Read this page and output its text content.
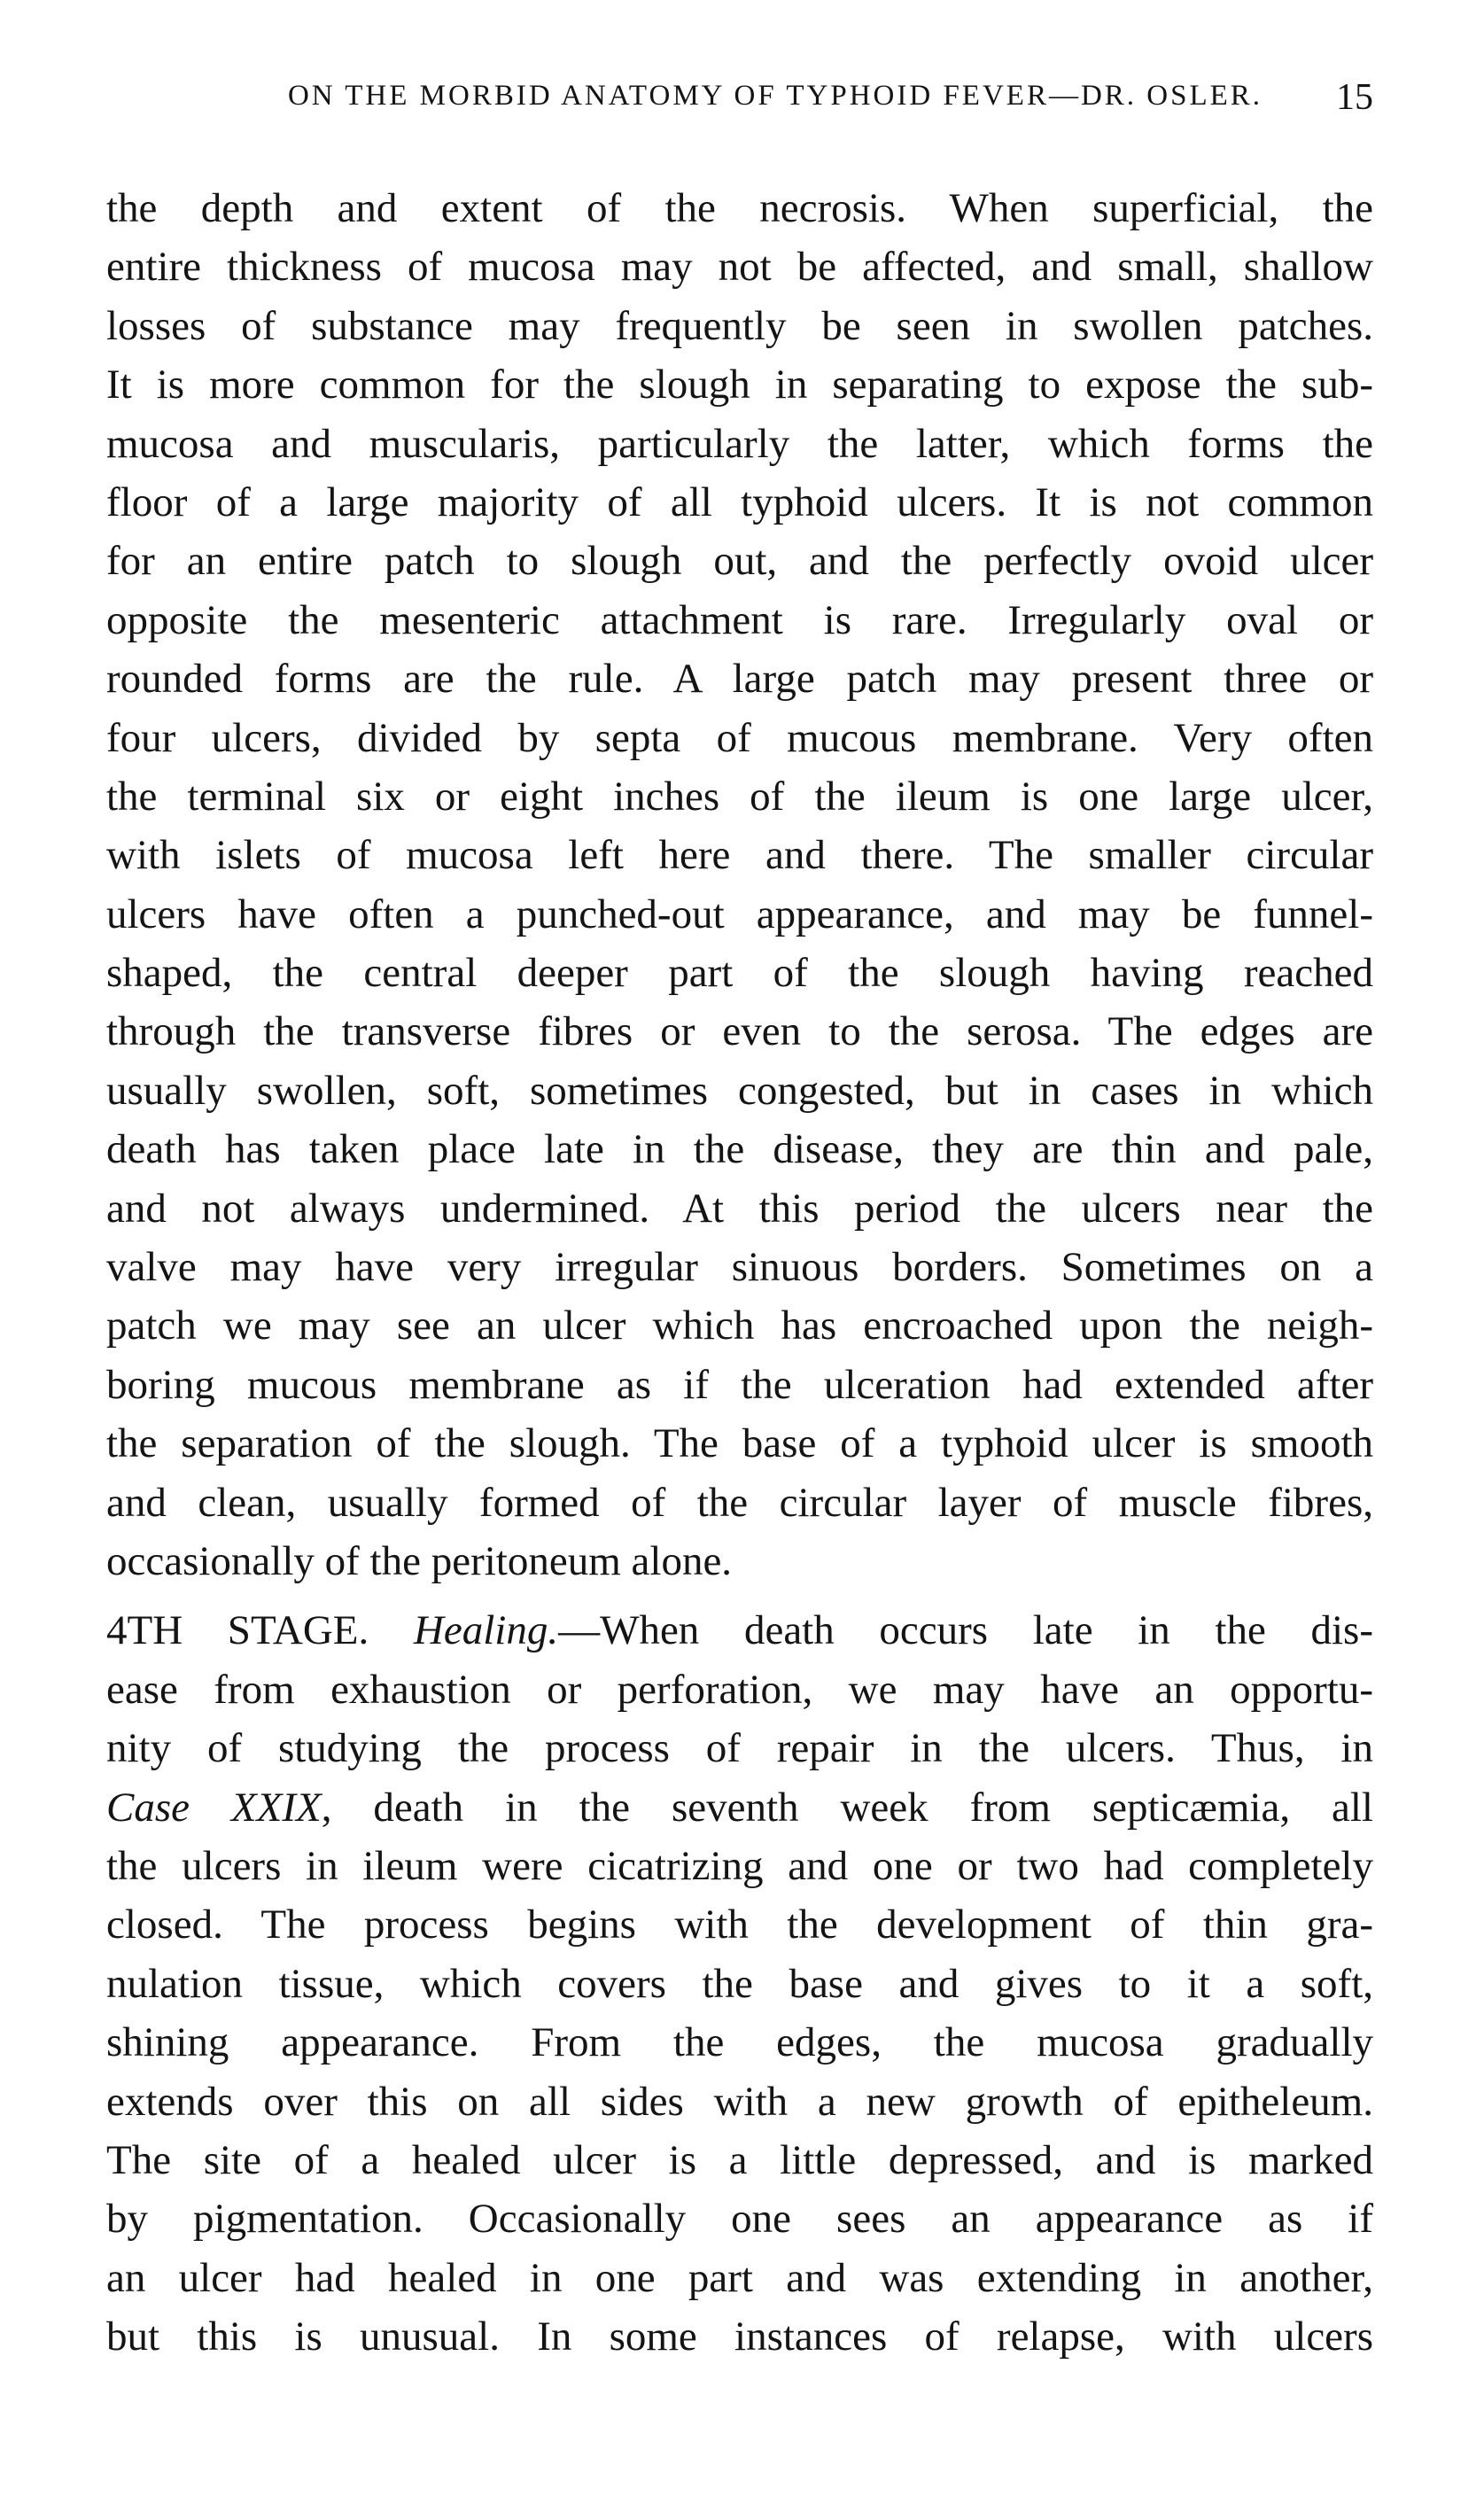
ON THE MORBID ANATOMY OF TYPHOID FEVER—DR. OSLER. 15
the depth and extent of the necrosis. When superficial, the
entire thickness of mucosa may not be affected, and small, shallow
losses of substance may frequently be seen in swollen patches.
It is more common for the slough in separating to expose the sub-
mucosa and muscularis, particularly the latter, which forms the
floor of a large majority of all typhoid ulcers. It is not common
for an entire patch to slough out, and the perfectly ovoid ulcer
opposite the mesenteric attachment is rare. Irregularly oval or
rounded forms are the rule. A large patch may present three or
four ulcers, divided by septa of mucous membrane. Very often
the terminal six or eight inches of the ileum is one large ulcer,
with islets of mucosa left here and there. The smaller circular
ulcers have often a punched-out appearance, and may be funnel-
shaped, the central deeper part of the slough having reached
through the transverse fibres or even to the serosa. The edges are
usually swollen, soft, sometimes congested, but in cases in which
death has taken place late in the disease, they are thin and pale,
and not always undermined. At this period the ulcers near the
valve may have very irregular sinuous borders. Sometimes on a
patch we may see an ulcer which has encroached upon the neigh-
boring mucous membrane as if the ulceration had extended after
the separation of the slough. The base of a typhoid ulcer is smooth
and clean, usually formed of the circular layer of muscle fibres,
occasionally of the peritoneum alone.
4TH STAGE. Healing.—When death occurs late in the dis-
ease from exhaustion or perforation, we may have an opportu-
nity of studying the process of repair in the ulcers. Thus, in
Case XXIX, death in the seventh week from septicæmia, all
the ulcers in ileum were cicatrizing and one or two had completely
closed. The process begins with the development of thin gra-
nulation tissue, which covers the base and gives to it a soft,
shining appearance. From the edges, the mucosa gradually
extends over this on all sides with a new growth of epitheleum.
The site of a healed ulcer is a little depressed, and is marked
by pigmentation. Occasionally one sees an appearance as if
an ulcer had healed in one part and was extending in another,
but this is unusual. In some instances of relapse, with ulcers
